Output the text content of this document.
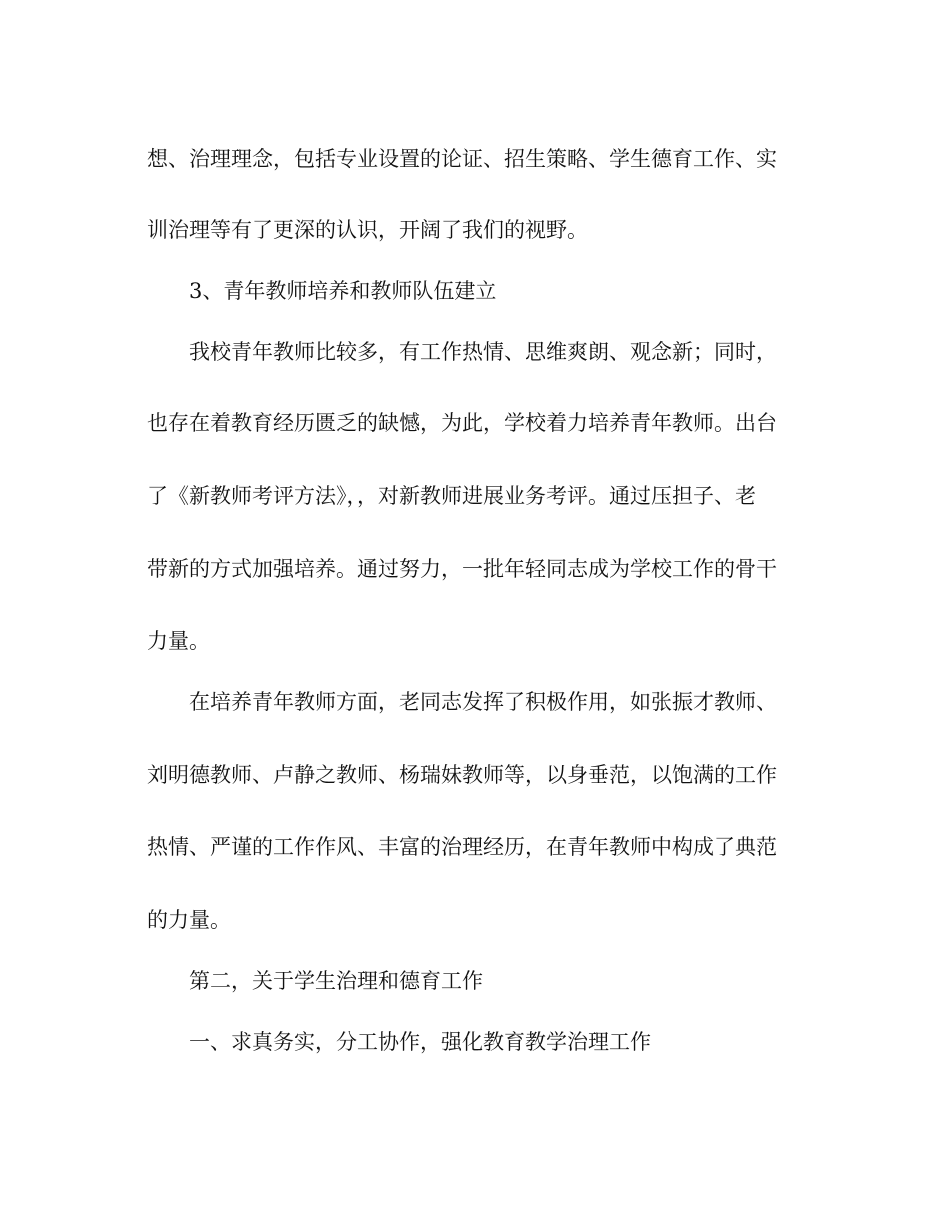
想、治理理念，包括专业设置的论证、招生策略、学生德育工作、实
训治理等有了更深的认识，开阔了我们的视野。
3、青年教师培养和教师队伍建立
我校青年教师比较多，有工作热情、思维爽朗、观念新；同时，
也存在着教育经历匮乏的缺憾，为此，学校着力培养青年教师。出台
了《新教师考评方法》，，对新教师进展业务考评。通过压担子、老
带新的方式加强培养。通过努力，一批年轻同志成为学校工作的骨干
力量。
在培养青年教师方面，老同志发挥了积极作用，如张振才教师、
刘明德教师、卢静之教师、杨瑞妹教师等，以身垂范，以饱满的工作
热情、严谨的工作作风、丰富的治理经历，在青年教师中构成了典范
的力量。
第二，关于学生治理和德育工作
一、求真务实，分工协作，强化教育教学治理工作
